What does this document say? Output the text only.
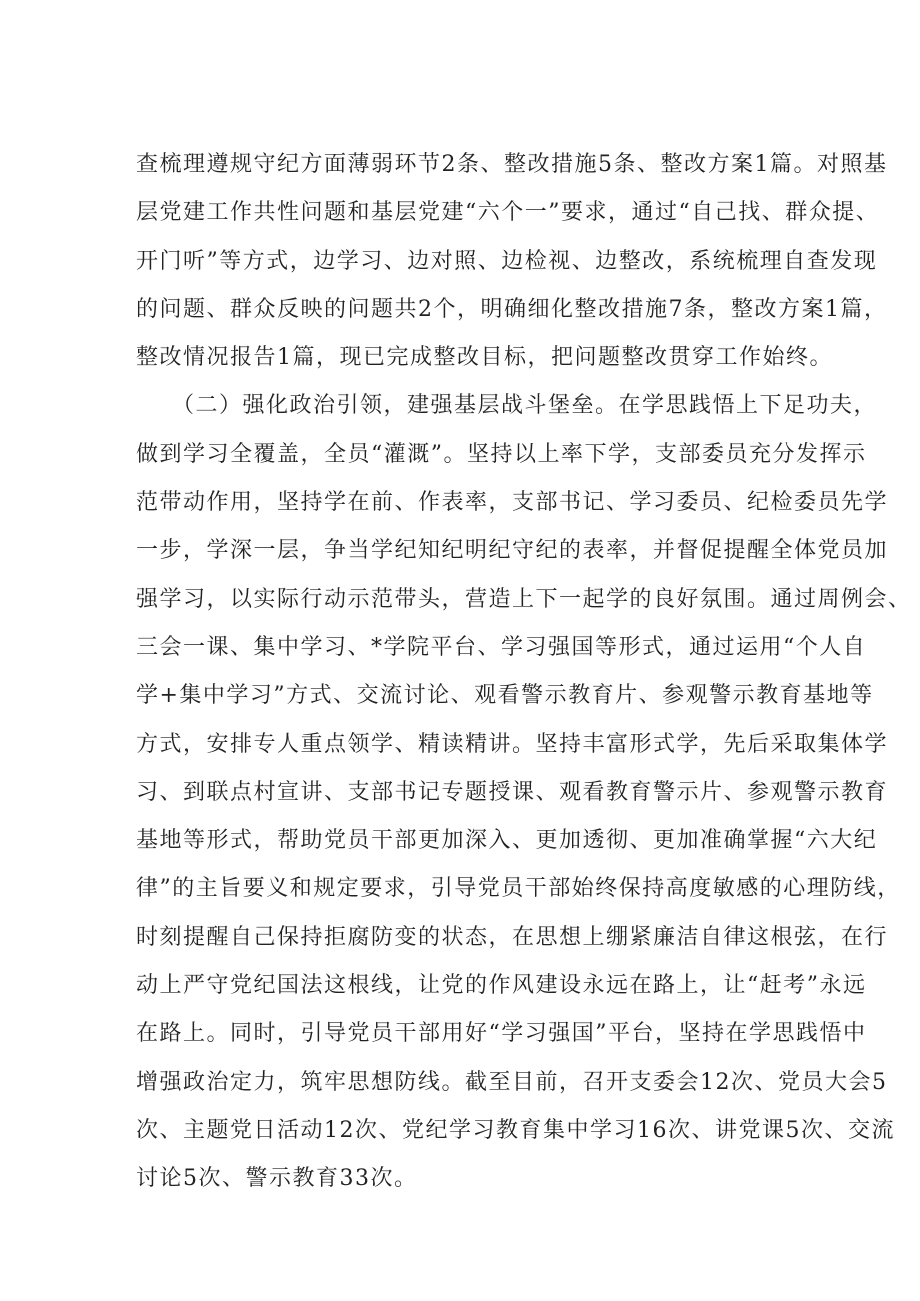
查梳理遵规守纪方面薄弱环节2条、整改措施5条、整改方案1篇。对照基
层党建工作共性问题和基层党建“六个一”要求，通过“自己找、群众提、
开门听”等方式，边学习、边对照、边检视、边整改，系统梳理自查发现
的问题、群众反映的问题共2个，明确细化整改措施7条，整改方案1篇，
整改情况报告1篇，现已完成整改目标，把问题整改贯穿工作始终。
（二）强化政治引领，建强基层战斗堡垒。在学思践悟上下足功夫，
做到学习全覆盖，全员“灌溉”。坚持以上率下学，支部委员充分发挥示
范带动作用，坚持学在前、作表率，支部书记、学习委员、纪检委员先学
一步，学深一层，争当学纪知纪明纪守纪的表率，并督促提醒全体党员加
强学习，以实际行动示范带头，营造上下一起学的良好氛围。通过周例会、
三会一课、集中学习、*学院平台、学习强国等形式，通过运用“个人自
学+集中学习”方式、交流讨论、观看警示教育片、参观警示教育基地等
方式，安排专人重点领学、精读精讲。坚持丰富形式学，先后采取集体学
习、到联点村宣讲、支部书记专题授课、观看教育警示片、参观警示教育
基地等形式，帮助党员干部更加深入、更加透彻、更加准确掌握“六大纪
律”的主旨要义和规定要求，引导党员干部始终保持高度敏感的心理防线，
时刻提醒自己保持拒腐防变的状态，在思想上绷紧廉洁自律这根弦，在行
动上严守党纪国法这根线，让党的作风建设永远在路上，让“赶考”永远
在路上。同时，引导党员干部用好“学习强国”平台，坚持在学思践悟中
增强政治定力，筑牢思想防线。截至目前，召开支委会12次、党员大会5
次、主题党日活动12次、党纪学习教育集中学习16次、讲党课5次、交流
讨论5次、警示教育33次。
